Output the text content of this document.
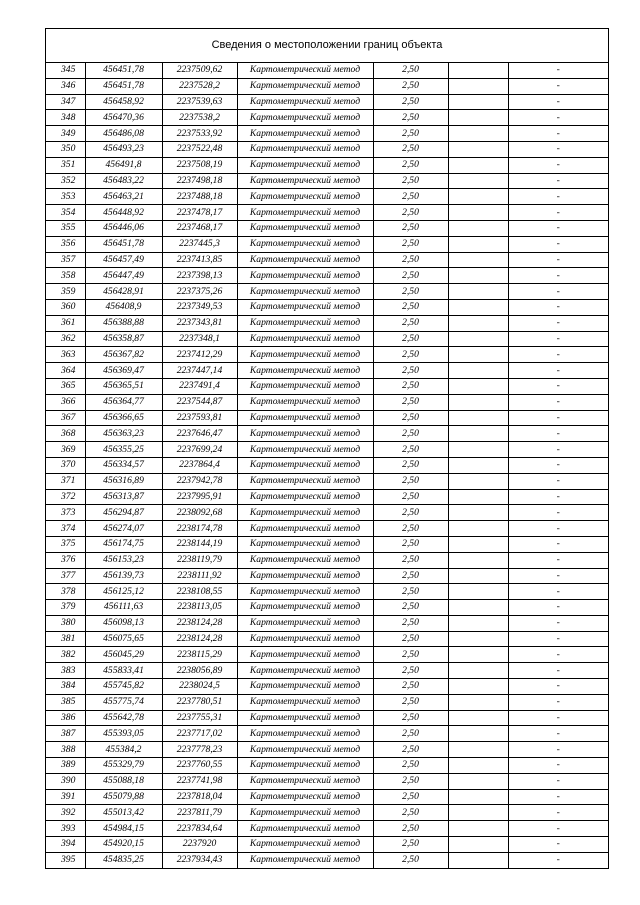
Сведения о местоположении границ объекта
345	456451,78	2237509,62	Картометрический метод	2,50		-
346	456451,78	2237528,2	Картометрический метод	2,50		-
347	456458,92	2237539,63	Картометрический метод	2,50		-
348	456470,36	2237538,2	Картометрический метод	2,50		-
349	456486,08	2237533,92	Картометрический метод	2,50		-
350	456493,23	2237522,48	Картометрический метод	2,50		-
351	456491,8	2237508,19	Картометрический метод	2,50		-
352	456483,22	2237498,18	Картометрический метод	2,50		-
353	456463,21	2237488,18	Картометрический метод	2,50		-
354	456448,92	2237478,17	Картометрический метод	2,50		-
355	456446,06	2237468,17	Картометрический метод	2,50		-
356	456451,78	2237445,3	Картометрический метод	2,50		-
357	456457,49	2237413,85	Картометрический метод	2,50		-
358	456447,49	2237398,13	Картометрический метод	2,50		-
359	456428,91	2237375,26	Картометрический метод	2,50		-
360	456408,9	2237349,53	Картометрический метод	2,50		-
361	456388,88	2237343,81	Картометрический метод	2,50		-
362	456358,87	2237348,1	Картометрический метод	2,50		-
363	456367,82	2237412,29	Картометрический метод	2,50		-
364	456369,47	2237447,14	Картометрический метод	2,50		-
365	456365,51	2237491,4	Картометрический метод	2,50		-
366	456364,77	2237544,87	Картометрический метод	2,50		-
367	456366,65	2237593,81	Картометрический метод	2,50		-
368	456363,23	2237646,47	Картометрический метод	2,50		-
369	456355,25	2237699,24	Картометрический метод	2,50		-
370	456334,57	2237864,4	Картометрический метод	2,50		-
371	456316,89	2237942,78	Картометрический метод	2,50		-
372	456313,87	2237995,91	Картометрический метод	2,50		-
373	456294,87	2238092,68	Картометрический метод	2,50		-
374	456274,07	2238174,78	Картометрический метод	2,50		-
375	456174,75	2238144,19	Картометрический метод	2,50		-
376	456153,23	2238119,79	Картометрический метод	2,50		-
377	456139,73	2238111,92	Картометрический метод	2,50		-
378	456125,12	2238108,55	Картометрический метод	2,50		-
379	456111,63	2238113,05	Картометрический метод	2,50		-
380	456098,13	2238124,28	Картометрический метод	2,50		-
381	456075,65	2238124,28	Картометрический метод	2,50		-
382	456045,29	2238115,29	Картометрический метод	2,50		-
383	455833,41	2238056,89	Картометрический метод	2,50		-
384	455745,82	2238024,5	Картометрический метод	2,50		-
385	455775,74	2237780,51	Картометрический метод	2,50		-
386	455642,78	2237755,31	Картометрический метод	2,50		-
387	455393,05	2237717,02	Картометрический метод	2,50		-
388	455384,2	2237778,23	Картометрический метод	2,50		-
389	455329,79	2237760,55	Картометрический метод	2,50		-
390	455088,18	2237741,98	Картометрический метод	2,50		-
391	455079,88	2237818,04	Картометрический метод	2,50		-
392	455013,42	2237811,79	Картометрический метод	2,50		-
393	454984,15	2237834,64	Картометрический метод	2,50		-
394	454920,15	2237920	Картометрический метод	2,50		-
395	454835,25	2237934,43	Картометрический метод	2,50		-
